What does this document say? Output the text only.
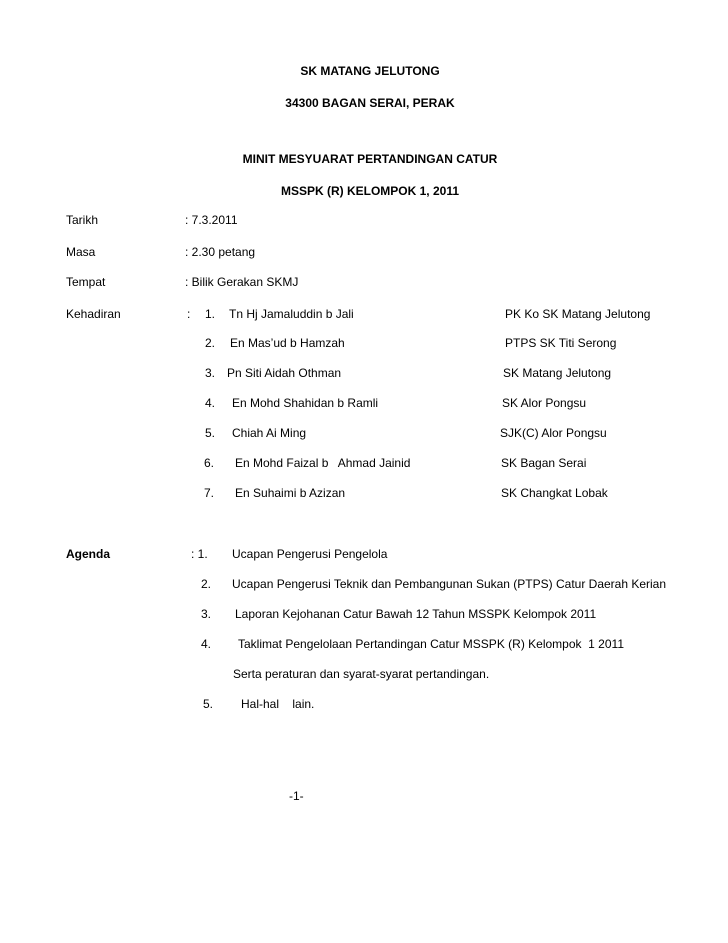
SK MATANG JELUTONG
34300 BAGAN SERAI, PERAK
MINIT MESYUARAT PERTANDINGAN CATUR
MSSPK (R) KELOMPOK 1, 2011
Tarikh	: 7.3.2011
Masa	: 2.30 petang
Tempat	: Bilik Gerakan SKMJ
Kehadiran	: 1. Tn Hj Jamaluddin b Jali	PK Ko SK Matang Jelutong
2. En Mas’ud b Hamzah	PTPS SK Titi Serong
3. Pn Siti Aidah Othman	SK Matang Jelutong
4. En Mohd Shahidan b Ramli	SK Alor Pongsu
5. Chiah Ai Ming	SJK(C) Alor Pongsu
6. En Mohd Faizal b   Ahmad Jainid	SK Bagan Serai
7. En Suhaimi b Azizan	SK Changkat Lobak
Agenda	: 1. Ucapan Pengerusi Pengelola
2. Ucapan Pengerusi Teknik dan Pembangunan Sukan (PTPS) Catur Daerah Kerian
3. Laporan Kejohanan Catur Bawah 12 Tahun MSSPK Kelompok 2011
4. Taklimat Pengelolaan Pertandingan Catur MSSPK (R) Kelompok  1 2011
Serta peraturan dan syarat-syarat pertandingan.
5. Hal-hal    lain.
-1-
